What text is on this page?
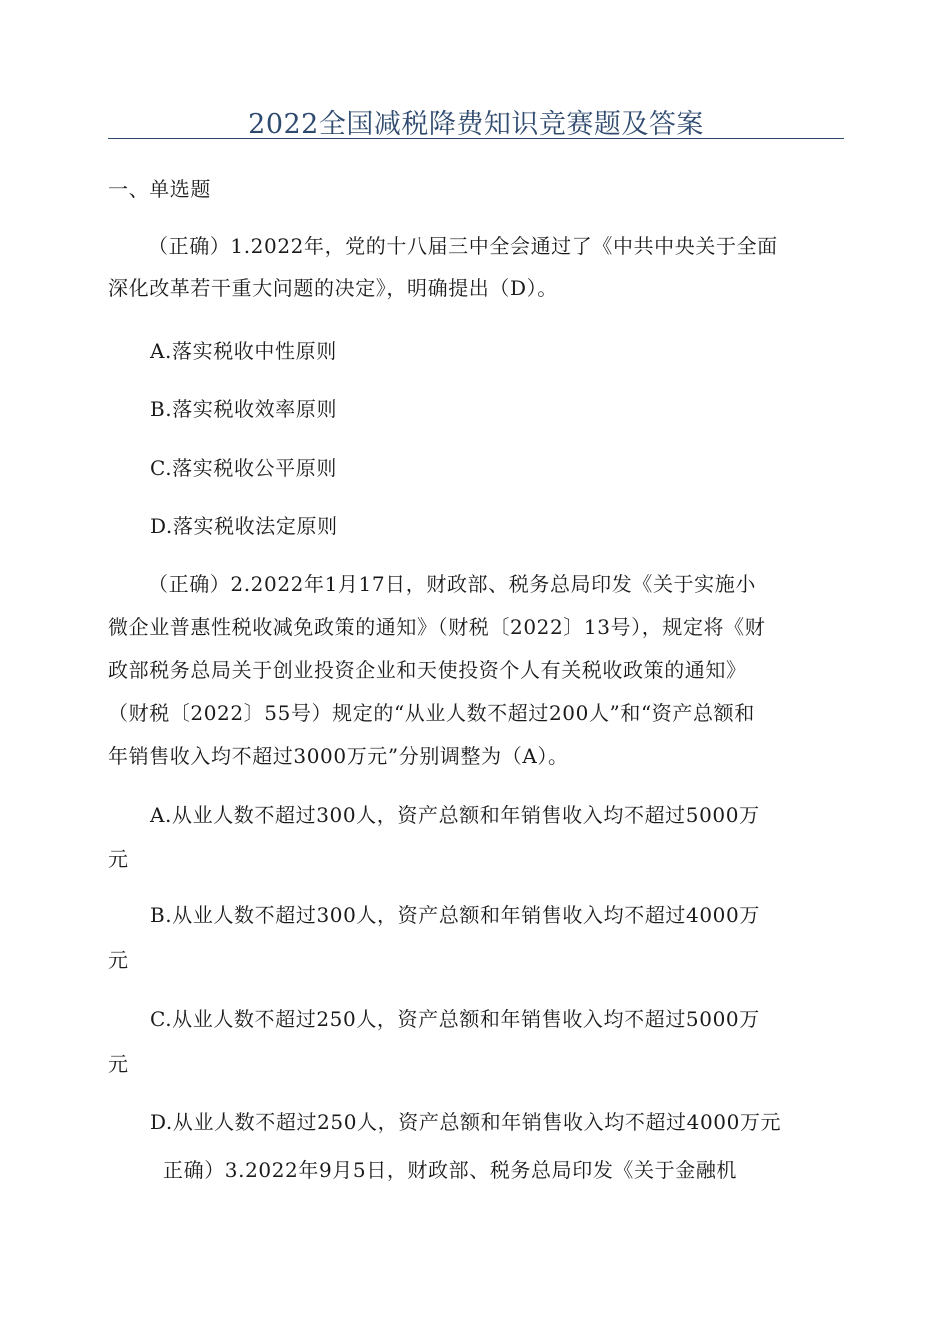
2022全国减税降费知识竞赛题及答案
一、单选题
（正确）1.2022年，党的十八届三中全会通过了《中共中央关于全面
深化改革若干重大问题的决定》，明确提出（D）。
A.落实税收中性原则
B.落实税收效率原则
C.落实税收公平原则
D.落实税收法定原则
（正确）2.2022年1月17日，财政部、税务总局印发《关于实施小
微企业普惠性税收减免政策的通知》（财税〔2022〕13号），规定将《财
政部税务总局关于创业投资企业和天使投资个人有关税收政策的通知》
（财税〔2022〕55号）规定的“从业人数不超过200人”和“资产总额和
年销售收入均不超过3000万元”分别调整为（A）。
A.从业人数不超过300人，资产总额和年销售收入均不超过5000万
元
B.从业人数不超过300人，资产总额和年销售收入均不超过4000万
元
C.从业人数不超过250人，资产总额和年销售收入均不超过5000万
元
D.从业人数不超过250人，资产总额和年销售收入均不超过4000万元
正确）3.2022年9月5日，财政部、税务总局印发《关于金融机
